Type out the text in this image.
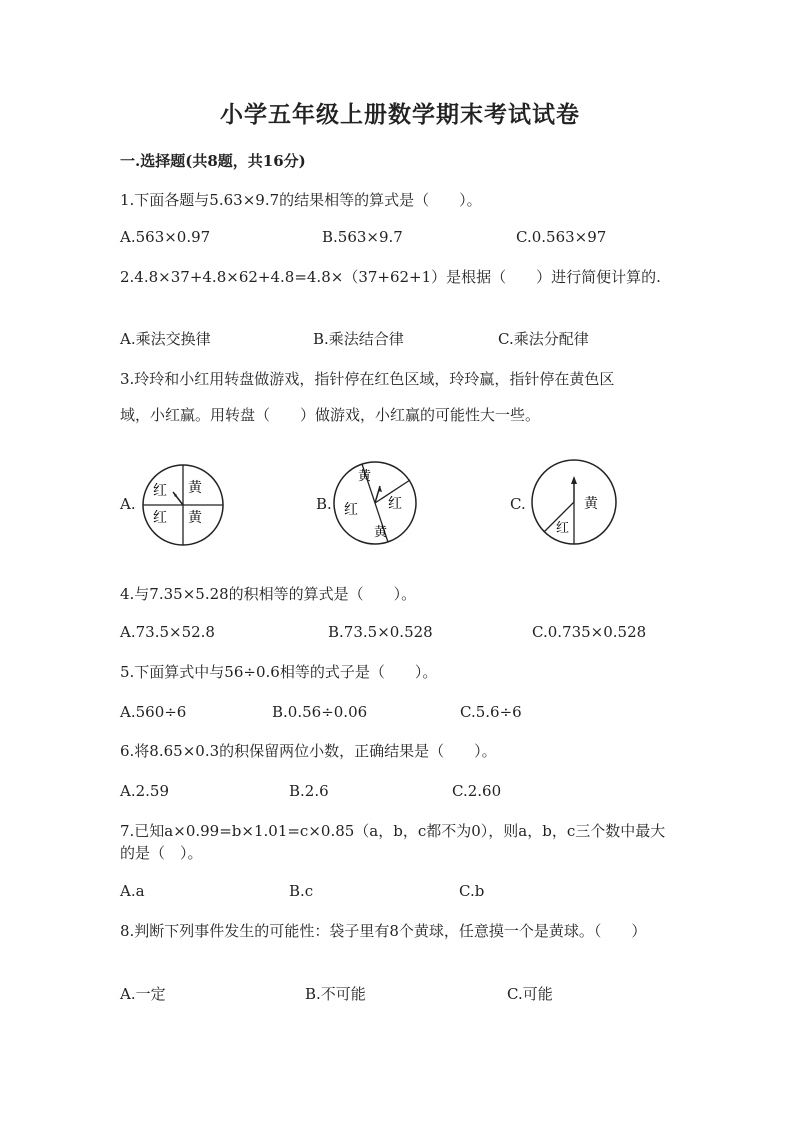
小学五年级上册数学期末考试试卷
一.选择题(共8题，共16分)
1.下面各题与5.63×9.7的结果相等的算式是（　　）。
A.563×0.97	B.563×9.7	C.0.563×97
2.4.8×37+4.8×62+4.8=4.8×（37+62+1）是根据（　　）进行简便计算的.
A.乘法交换律	B.乘法结合律	C.乘法分配律
3.玲玲和小红用转盘做游戏，指针停在红色区域，玲玲赢，指针停在黄色区
域，小红赢。用转盘（　　）做游戏，小红赢的可能性大一些。
A.
红 黄
红 黄
B.
黄
红 红
黄
C.	黄
红
4.与7.35×5.28的积相等的算式是（　　）。
A.73.5×52.8	B.73.5×0.528	C.0.735×0.528
5.下面算式中与56÷0.6相等的式子是（　　）。
A.560÷6	B.0.56÷0.06	C.5.6÷6
6.将8.65×0.3的积保留两位小数，正确结果是（　　）。
A.2.59	B.2.6	C.2.60
7.已知a×0.99=b×1.01=c×0.85（a，b，c都不为0），则a，b，c三个数中最大的是（　）。
A.a	B.c	C.b
8.判断下列事件发生的可能性：袋子里有8个黄球，任意摸一个是黄球。（　　）
A.一定	B.不可能	C.可能
